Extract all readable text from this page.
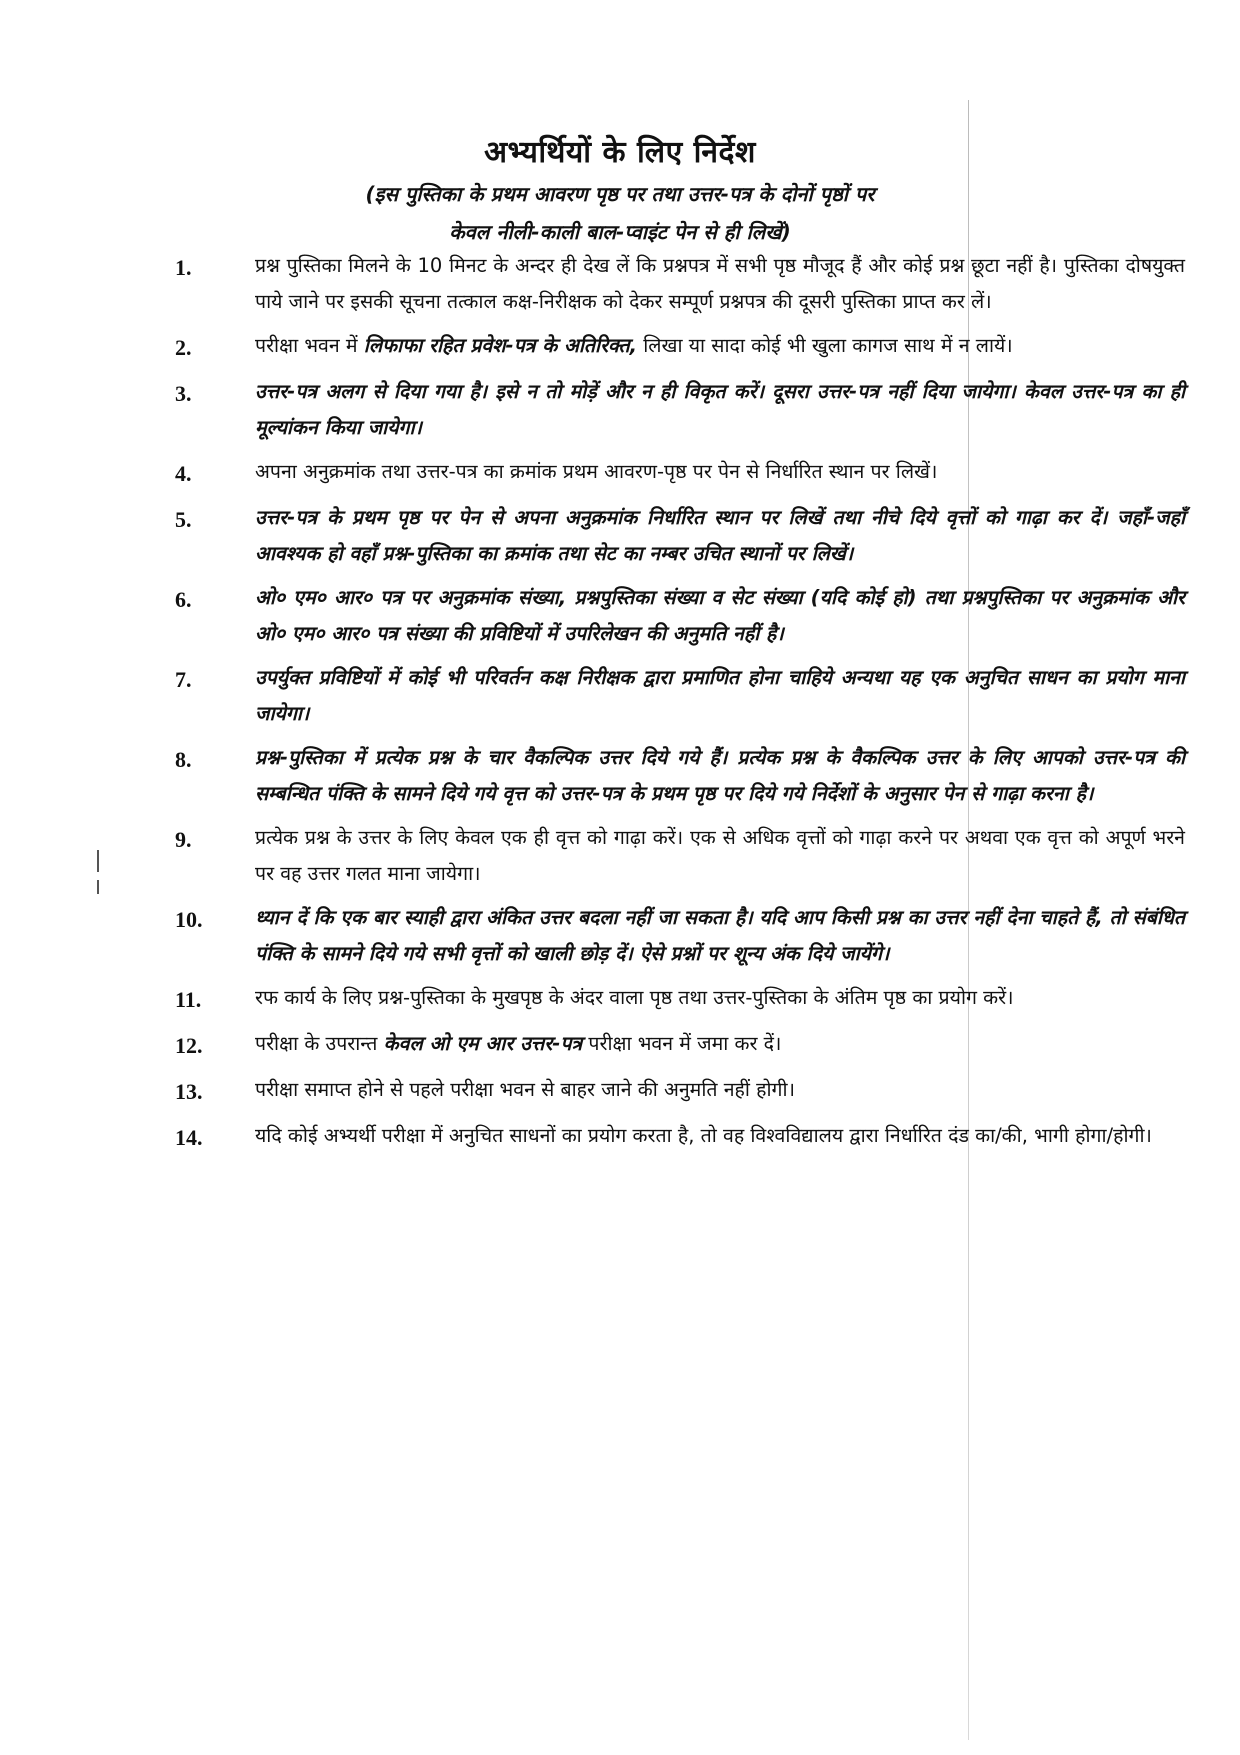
अभ्यर्थियों के लिए निर्देश
(इस पुस्तिका के प्रथम आवरण पृष्ठ पर तथा उत्तर-पत्र के दोनों पृष्ठों पर
केवल नीली-काली बाल-प्वाइंट पेन से ही लिखें)
1.	प्रश्न पुस्तिका मिलने के 10 मिनट के अन्दर ही देख लें कि प्रश्नपत्र में सभी पृष्ठ मौजूद हैं और कोई प्रश्न छूटा नहीं है। पुस्तिका दोषयुक्त पाये जाने पर इसकी सूचना तत्काल कक्ष-निरीक्षक को देकर सम्पूर्ण प्रश्नपत्र की दूसरी पुस्तिका प्राप्त कर लें।
2.	परीक्षा भवन में लिफाफा रहित प्रवेश-पत्र के अतिरिक्त, लिखा या सादा कोई भी खुला कागज साथ में न लायें।
3.	उत्तर-पत्र अलग से दिया गया है। इसे न तो मोड़ें और न ही विकृत करें। दूसरा उत्तर-पत्र नहीं दिया जायेगा। केवल उत्तर-पत्र का ही मूल्यांकन किया जायेगा।
4.	अपना अनुक्रमांक तथा उत्तर-पत्र का क्रमांक प्रथम आवरण-पृष्ठ पर पेन से निर्धारित स्थान पर लिखें।
5.	उत्तर-पत्र के प्रथम पृष्ठ पर पेन से अपना अनुक्रमांक निर्धारित स्थान पर लिखें तथा नीचे दिये वृत्तों को गाढ़ा कर दें। जहाँ-जहाँ आवश्यक हो वहाँ प्रश्न-पुस्तिका का क्रमांक तथा सेट का नम्बर उचित स्थानों पर लिखें।
6.	ओ० एम० आर० पत्र पर अनुक्रमांक संख्या, प्रश्नपुस्तिका संख्या व सेट संख्या (यदि कोई हो) तथा प्रश्नपुस्तिका पर अनुक्रमांक और ओ० एम० आर० पत्र संख्या की प्रविष्टियों में उपरिलेखन की अनुमति नहीं है।
7.	उपर्युक्त प्रविष्टियों में कोई भी परिवर्तन कक्ष निरीक्षक द्वारा प्रमाणित होना चाहिये अन्यथा यह एक अनुचित साधन का प्रयोग माना जायेगा।
8.	प्रश्न-पुस्तिका में प्रत्येक प्रश्न के चार वैकल्पिक उत्तर दिये गये हैं। प्रत्येक प्रश्न के वैकल्पिक उत्तर के लिए आपको उत्तर-पत्र की सम्बन्धित पंक्ति के सामने दिये गये वृत्त को उत्तर-पत्र के प्रथम पृष्ठ पर दिये गये निर्देशों के अनुसार पेन से गाढ़ा करना है।
9.	प्रत्येक प्रश्न के उत्तर के लिए केवल एक ही वृत्त को गाढ़ा करें। एक से अधिक वृत्तों को गाढ़ा करने पर अथवा एक वृत्त को अपूर्ण भरने पर वह उत्तर गलत माना जायेगा।
10.	ध्यान दें कि एक बार स्याही द्वारा अंकित उत्तर बदला नहीं जा सकता है। यदि आप किसी प्रश्न का उत्तर नहीं देना चाहते हैं, तो संबंधित पंक्ति के सामने दिये गये सभी वृत्तों को खाली छोड़ दें। ऐसे प्रश्नों पर शून्य अंक दिये जायेंगे।
11.	रफ कार्य के लिए प्रश्न-पुस्तिका के मुखपृष्ठ के अंदर वाला पृष्ठ तथा उत्तर-पुस्तिका के अंतिम पृष्ठ का प्रयोग करें।
12.	परीक्षा के उपरान्त केवल ओ एम आर उत्तर-पत्र परीक्षा भवन में जमा कर दें।
13.	परीक्षा समाप्त होने से पहले परीक्षा भवन से बाहर जाने की अनुमति नहीं होगी।
14.	यदि कोई अभ्यर्थी परीक्षा में अनुचित साधनों का प्रयोग करता है, तो वह विश्वविद्यालय द्वारा निर्धारित दंड का/की, भागी होगा/होगी।
